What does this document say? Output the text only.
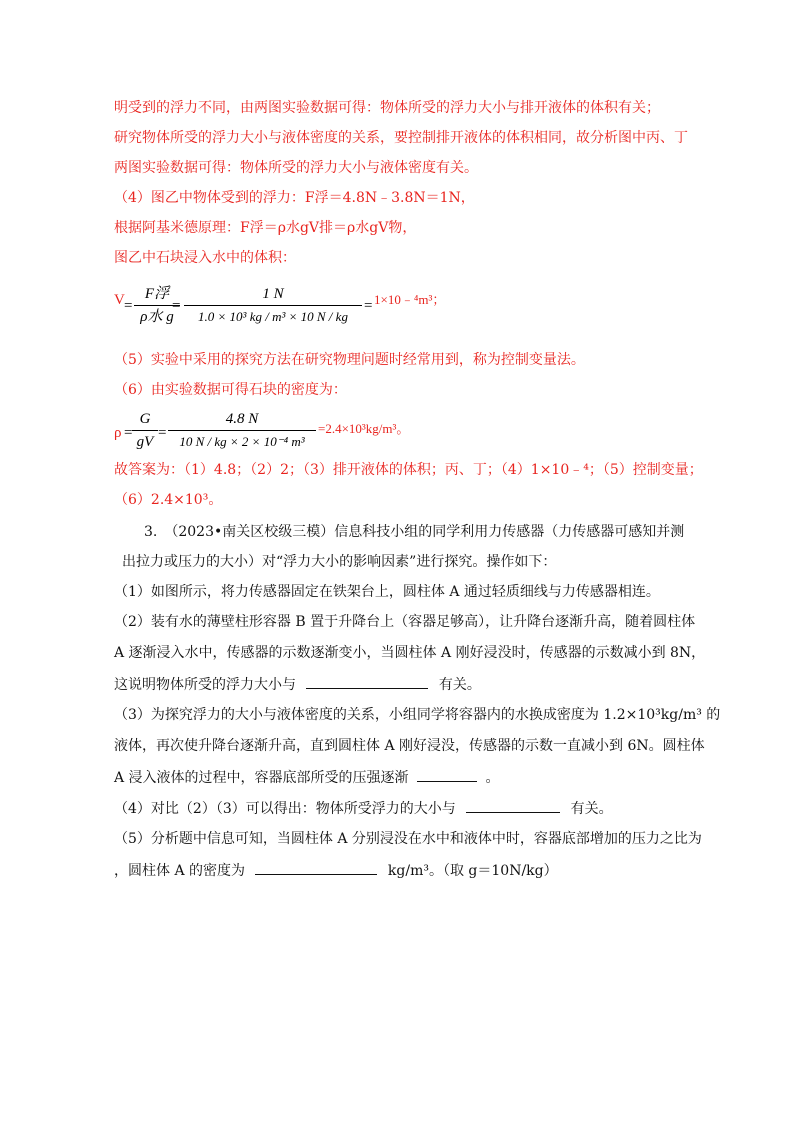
明受到的浮力不同，由两图实验数据可得：物体所受的浮力大小与排开液体的体积有关；
研究物体所受的浮力大小与液体密度的关系，要控制排开液体的体积相同，故分析图中丙、丁
两图实验数据可得：物体所受的浮力大小与液体密度有关。
（4）图乙中物体受到的浮力：F浮＝4.8N﹣3.8N＝1N，
根据阿基米德原理：F浮＝ρ水gV排＝ρ水gV物，
图乙中石块浸入水中的体积：
V =
F浮
ρ水 g
=
1 N
1.0 × 10³ kg / m³ × 10 N / kg
= 1×10﹣⁴m³；
（5）实验中采用的探究方法在研究物理问题时经常用到，称为控制变量法。
（6）由实验数据可得石块的密度为：
ρ =
G
gV
=
4.8 N
10 N / kg × 2 × 10⁻⁴ m³
=2.4×10³kg/m³。
故答案为：（1）4.8；（2）2；（3）排开液体的体积；丙、丁；（4）1×10﹣⁴；（5）控制变量；
（6）2.4×10³。
3.　（2023•南关区校级三模）信息科技小组的同学利用力传感器（力传感器可感知并测
出拉力或压力的大小）对“浮力大小的影响因素”进行探究。操作如下：
（1）如图所示，将力传感器固定在铁架台上，圆柱体 A 通过轻质细线与力传感器相连。
（2）装有水的薄壁柱形容器 B 置于升降台上（容器足够高），让升降台逐渐升高，随着圆柱体
A 逐渐浸入水中，传感器的示数逐渐变小，当圆柱体 A 刚好浸没时，传感器的示数减小到 8N，
这说明物体所受的浮力大小与	有关。
（3）为探究浮力的大小与液体密度的关系，小组同学将容器内的水换成密度为 1.2×10³kg/m³ 的
液体，再次使升降台逐渐升高，直到圆柱体 A 刚好浸没，传感器的示数一直减小到 6N。圆柱体
A 浸入液体的过程中，容器底部所受的压强逐渐	。
（4）对比（2）（3）可以得出：物体所受浮力的大小与	有关。
（5）分析题中信息可知，当圆柱体 A 分别浸没在水中和液体中时，容器底部增加的压力之比为
，圆柱体 A 的密度为	kg/m³。（取 g＝10N/kg）
